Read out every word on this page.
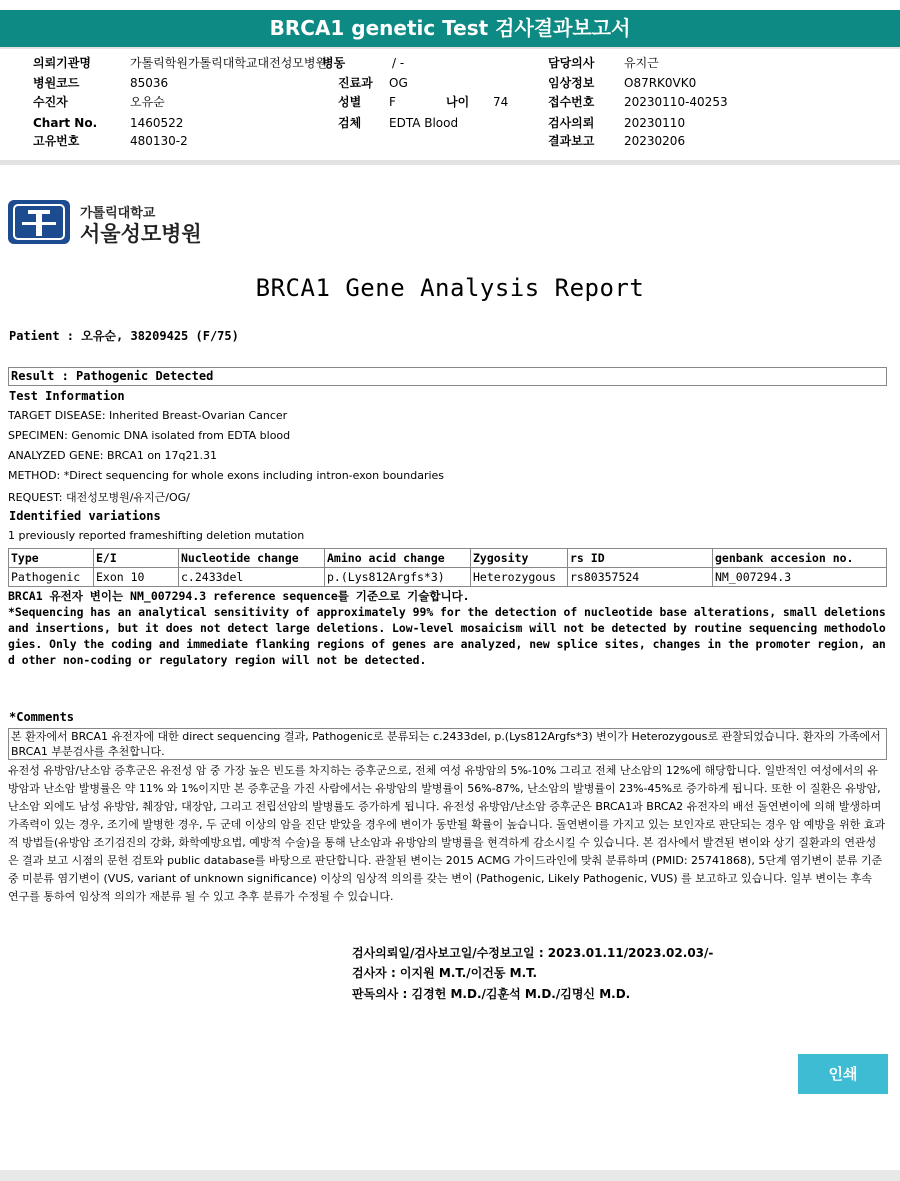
BRCA1 genetic Test 검사결과보고서
의뢰기관명	가톨릭학원가톨릭대학교대전성모병원
병동	/ -	담당의사 유지근
병원코드	85036	진료과 OG	임상정보 O87RK0VK0
수진자	오유순	성별 F	나이 74	접수번호 20230110-40253
Chart No.	1460522	검체 EDTA Blood	검사의뢰 20230110
고유번호	480130-2	결과보고 20230206
가톨릭대학교
서울성모병원
BRCA1 Gene Analysis Report
Patient : 오유순, 38209425 (F/75)
Result : Pathogenic Detected
Test Information
TARGET DISEASE: Inherited Breast-Ovarian Cancer
SPECIMEN: Genomic DNA isolated from EDTA blood
ANALYZED GENE: BRCA1 on 17q21.31
METHOD: *Direct sequencing for whole exons including intron-exon boundaries
REQUEST: 대전성모병원/유지근/OG/
Identified variations
1 previously reported frameshifting deletion mutation
Type	E/I	Nucleotide change	Amino acid change	Zygosity	rs ID	genbank accesion no.
Pathogenic	Exon 10	c.2433del	p.(Lys812Argfs*3)	Heterozygous	rs80357524	NM_007294.3
BRCA1 유전자 변이는 NM_007294.3 reference sequence를 기준으로 기술합니다.
*Sequencing has an analytical sensitivity of approximately 99% for the detection of nucleotide base alterations, small deletions and insertions, but it does not detect large deletions. Low-level mosaicism will not be detected by routine sequencing methodologies. Only the coding and immediate flanking regions of genes are analyzed, new splice sites, changes in the promoter region, and other non-coding or regulatory region will not be detected.
*Comments
본 환자에서 BRCA1 유전자에 대한 direct sequencing 결과, Pathogenic로 분류되는 c.2433del, p.(Lys812Argfs*3) 변이가 Heterozygous로 관찰되었습니다. 환자의 가족에서 BRCA1 부분검사를 추천합니다.
유전성 유방암/난소암 증후군은 유전성 암 중 가장 높은 빈도를 차지하는 증후군으로, 전체 여성 유방암의 5%-10% 그리고 전체 난소암의 12%에 해당합니다. 일반적인 여성에서의 유방암과 난소암 발병률은 약 11% 와 1%이지만 본 증후군을 가진 사람에서는 유방암의 발병률이 56%-87%, 난소암의 발병률이 23%-45%로 증가하게 됩니다. 또한 이 질환은 유방암, 난소암 외에도 남성 유방암, 췌장암, 대장암, 그리고 전립선암의 발병률도 증가하게 됩니다. 유전성 유방암/난소암 증후군은 BRCA1과 BRCA2 유전자의 배선 돌연변이에 의해 발생하며 가족력이 있는 경우, 조기에 발병한 경우, 두 군데 이상의 암을 진단 받았을 경우에 변이가 동반될 확률이 높습니다. 돌연변이를 가지고 있는 보인자로 판단되는 경우 암 예방을 위한 효과적 방법들(유방암 조기검진의 강화, 화학예방요법, 예방적 수술)을 통해 난소암과 유방암의 발병률을 현격하게 감소시킬 수 있습니다. 본 검사에서 발견된 변이와 상기 질환과의 연관성은 결과 보고 시점의 문헌 검토와 public database를 바탕으로 판단합니다. 관찰된 변이는 2015 ACMG 가이드라인에 맞춰 분류하며 (PMID: 25741868), 5단계 염기변이 분류 기준 중 미분류 염기변이 (VUS, variant of unknown significance) 이상의 임상적 의의를 갖는 변이 (Pathogenic, Likely Pathogenic, VUS) 를 보고하고 있습니다. 일부 변이는 후속 연구를 통하여 임상적 의의가 재분류 될 수 있고 추후 분류가 수정될 수 있습니다.
검사의뢰일/검사보고일/수정보고일 : 2023.01.11/2023.02.03/-
검사자 : 이지원 M.T./이건동 M.T.
판독의사 : 김경헌 M.D./김훈석 M.D./김명신 M.D.
인쇄
